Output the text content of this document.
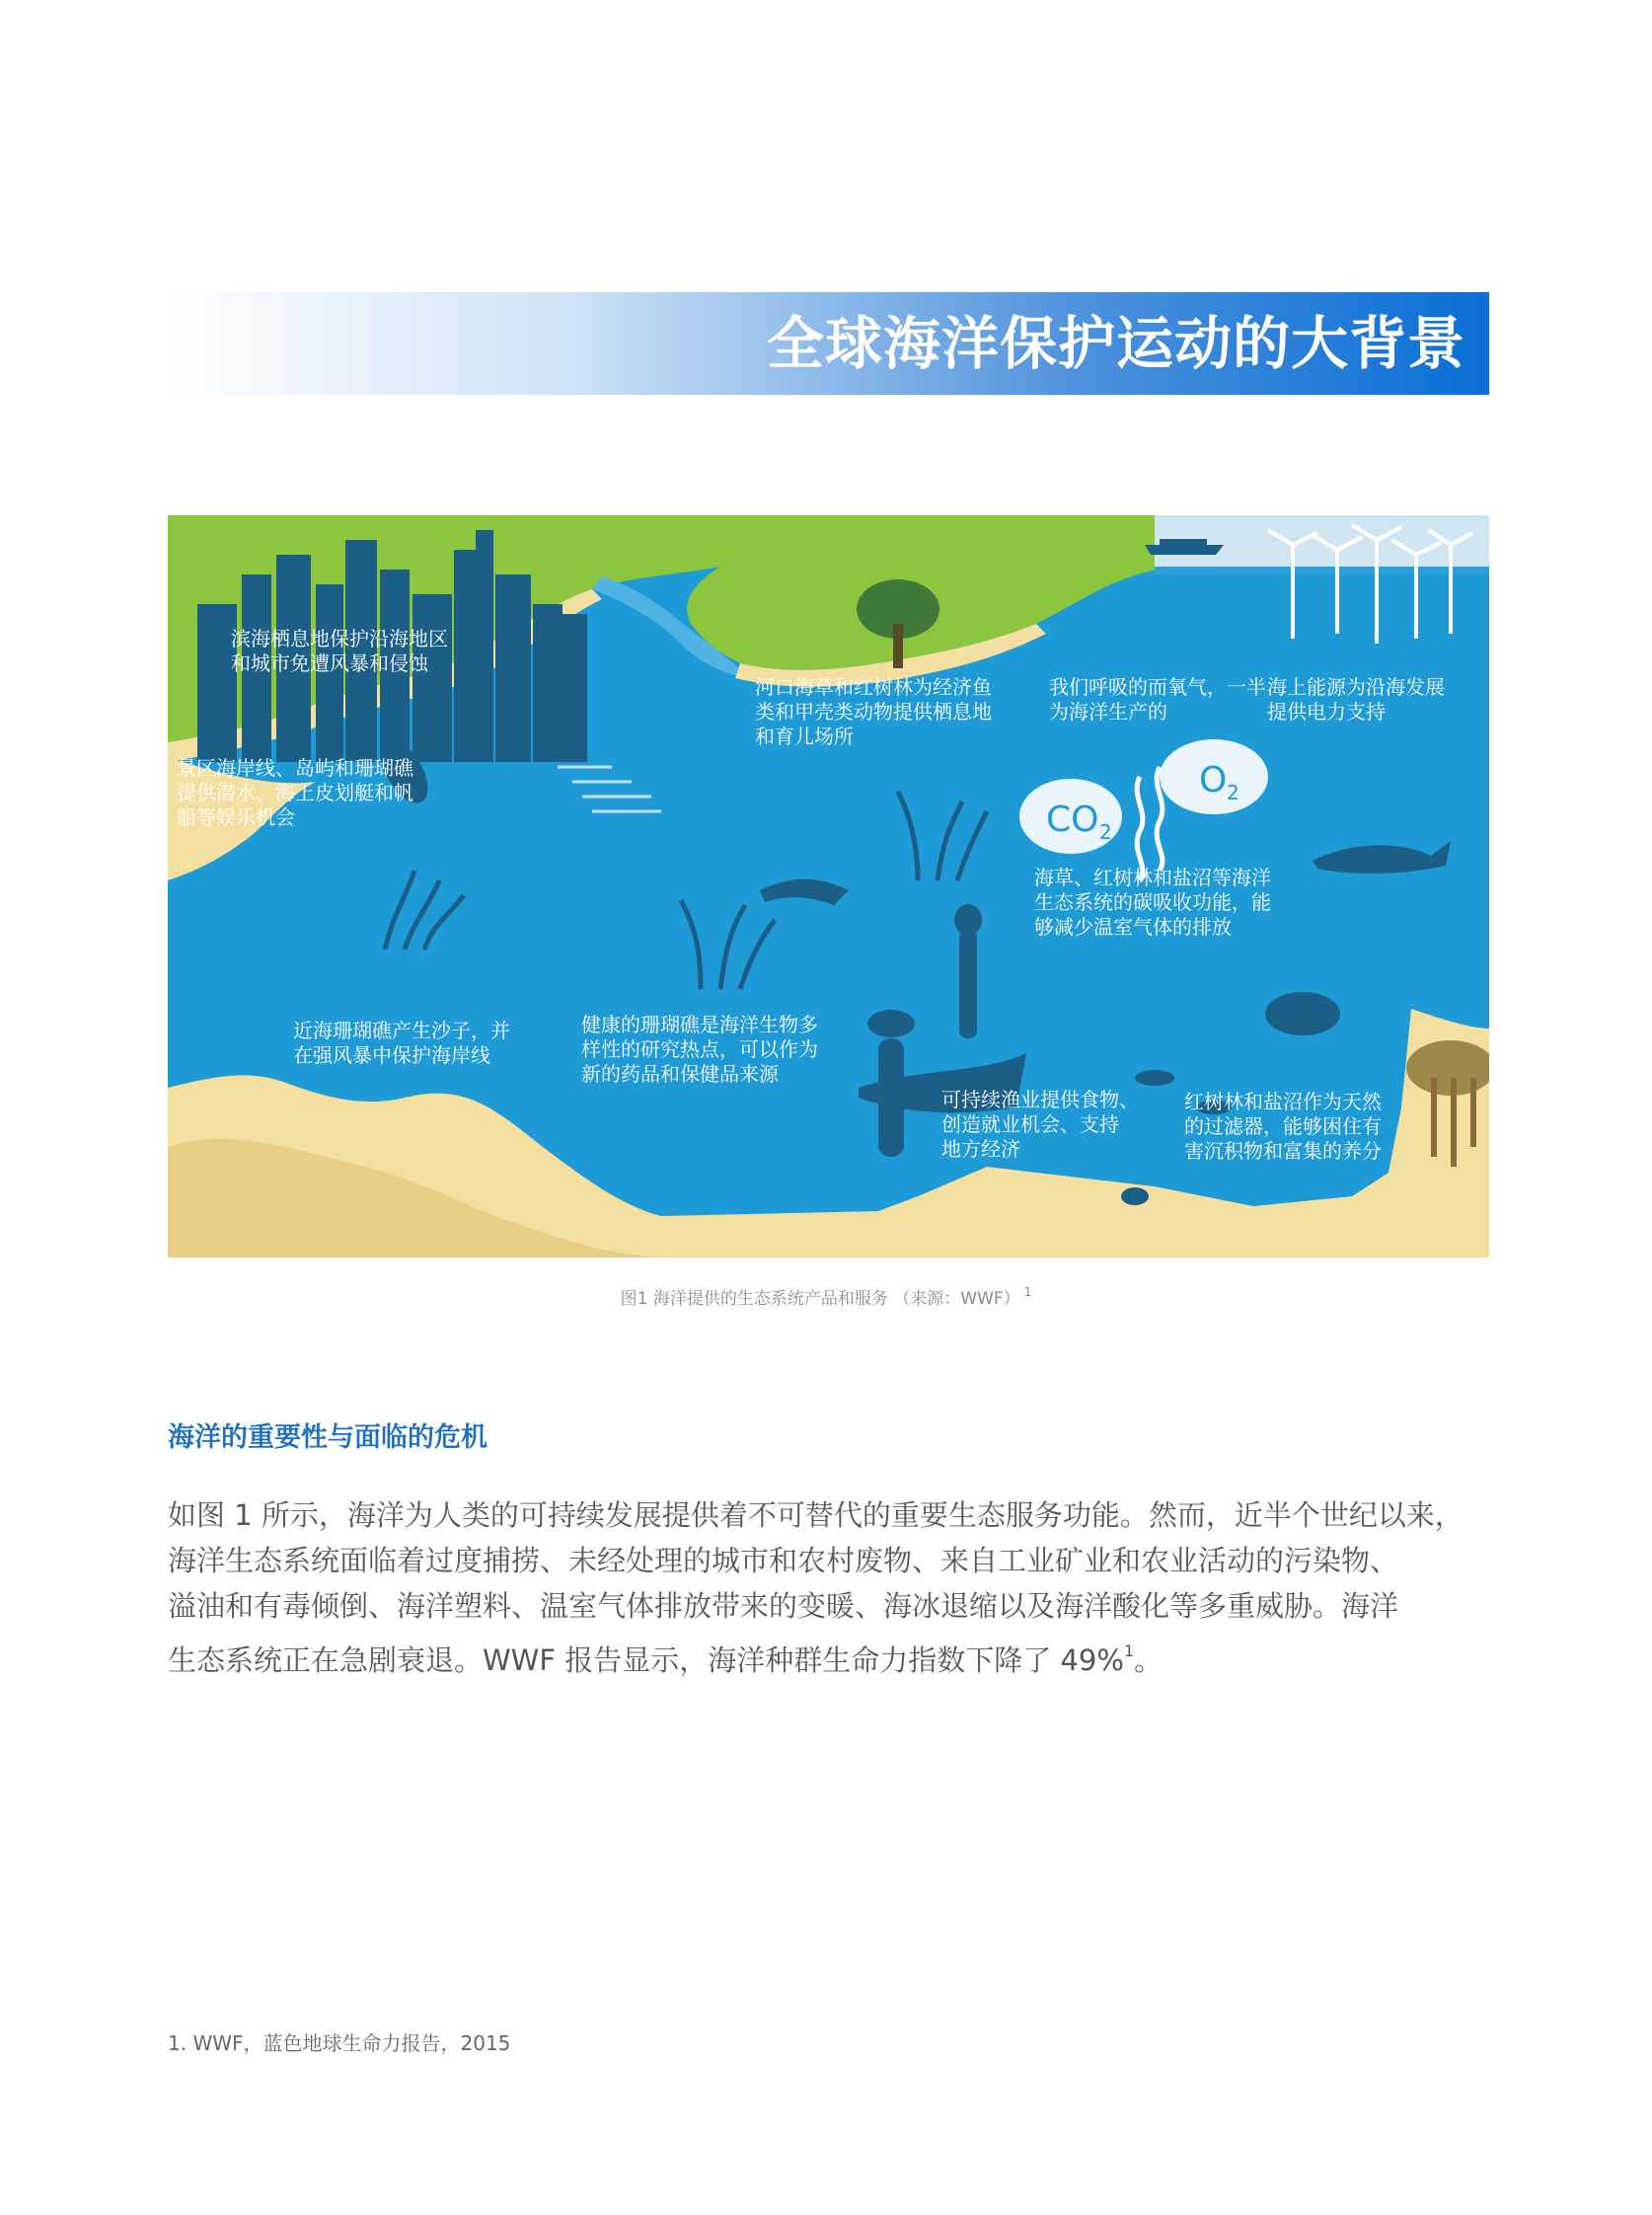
全球海洋保护运动的大背景
CO 2
O 2
滨海栖息地保护沿海地区
和城市免遭风暴和侵蚀
景区海岸线、岛屿和珊瑚礁
提供潜水、海上皮划艇和帆
船等娱乐机会
河口海草和红树林为经济鱼
类和甲壳类动物提供栖息地
和育儿场所
我们呼吸的而氧气，一半
为海洋生产的
海上能源为沿海发展
提供电力支持
海草、红树林和盐沼等海洋
生态系统的碳吸收功能，能
够减少温室气体的排放
近海珊瑚礁产生沙子，并
在强风暴中保护海岸线
健康的珊瑚礁是海洋生物多
样性的研究热点，可以作为
新的药品和保健品来源
可持续渔业提供食物、
创造就业机会、支持
地方经济
红树林和盐沼作为天然
的过滤器，能够困住有
害沉积物和富集的养分
图1 海洋提供的生态系统产品和服务 （来源：WWF） $^1$
海洋的重要性与面临的危机

如图 1 所示，海洋为人类的可持续发展提供着不可替代的重要生态服务功能。然而，近半个世纪以来，
海洋生态系统面临着过度捕捞、未经处理的城市和农村废物、来自工业矿业和农业活动的污染物、
溢油和有毒倾倒、海洋塑料、温室气体排放带来的变暖、海冰退缩以及海洋酸化等多重威胁。海洋
生态系统正在急剧衰退。WWF 报告显示，海洋种群生命力指数下降了 49%$^1$。

1. WWF，蓝色地球生命力报告，2015
